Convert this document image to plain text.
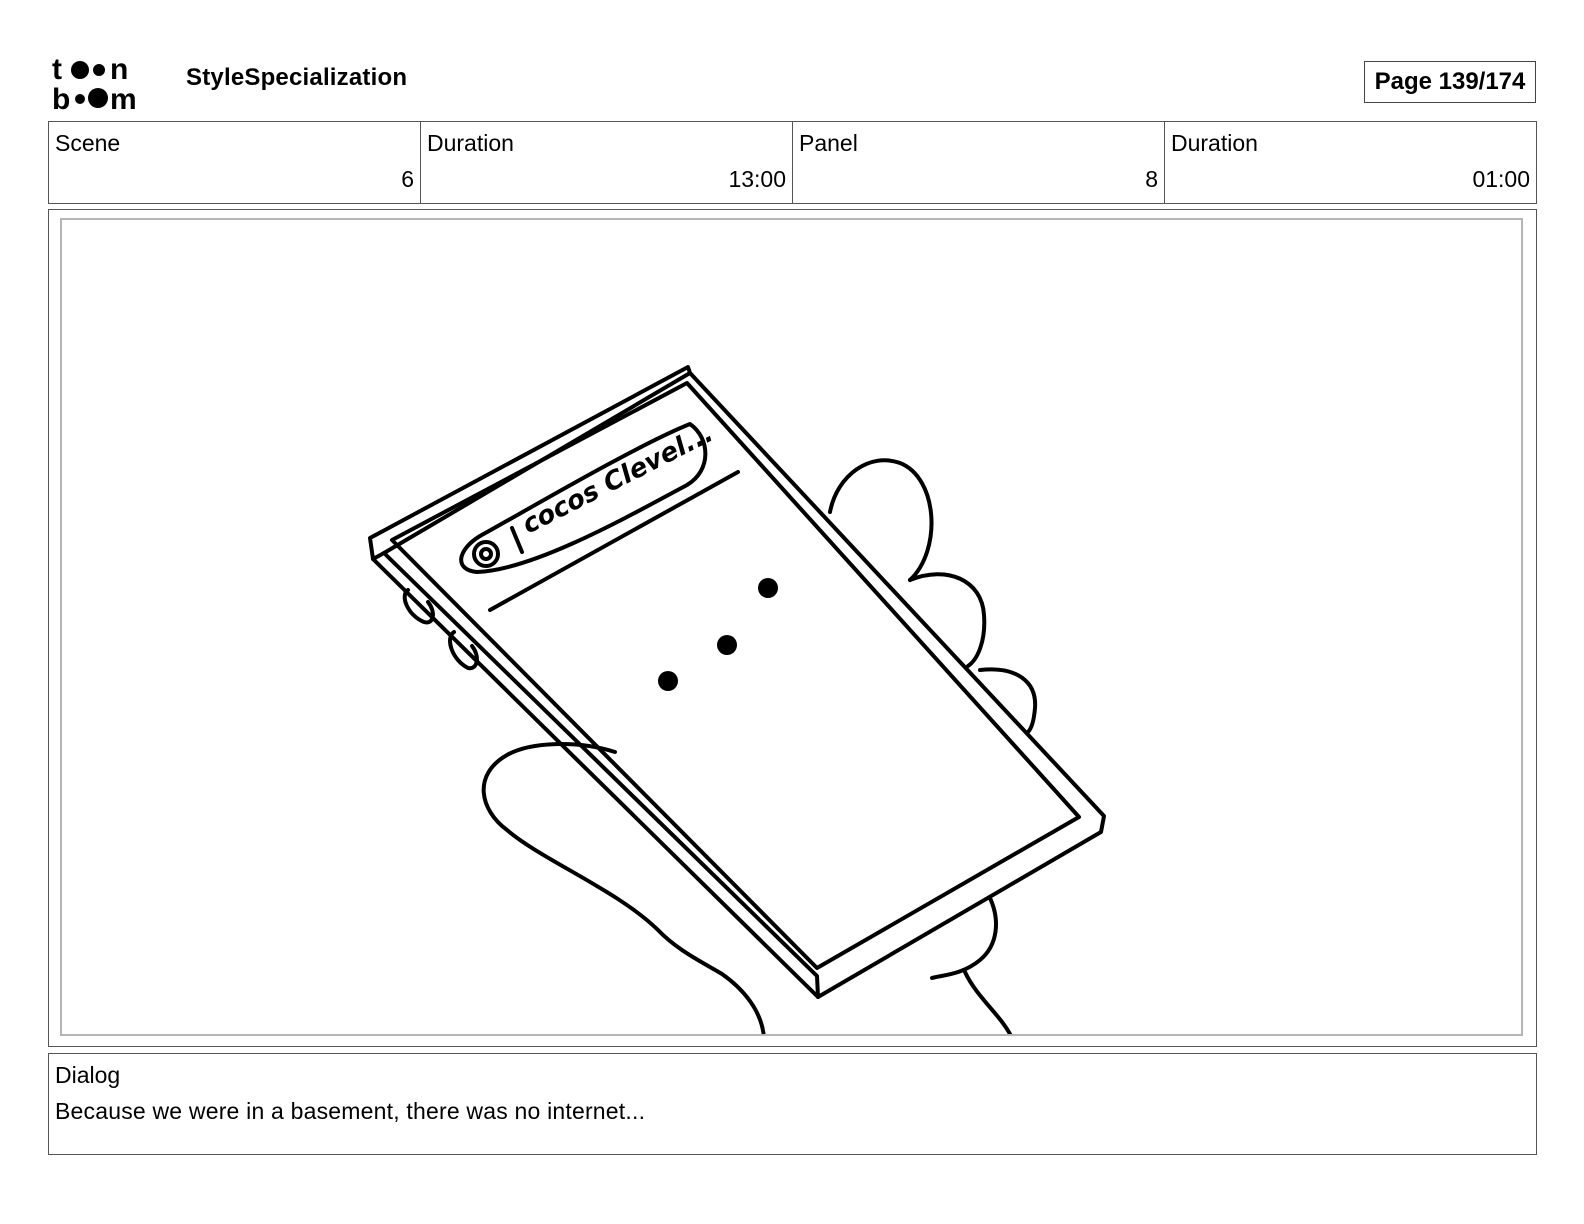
t n
b m
StyleSpecialization	Page 139/174
Scene
6
Duration
13:00
Panel
8
Duration
01:00
cocos Clevel...
Dialog
Because we were in a basement, there was no internet...
